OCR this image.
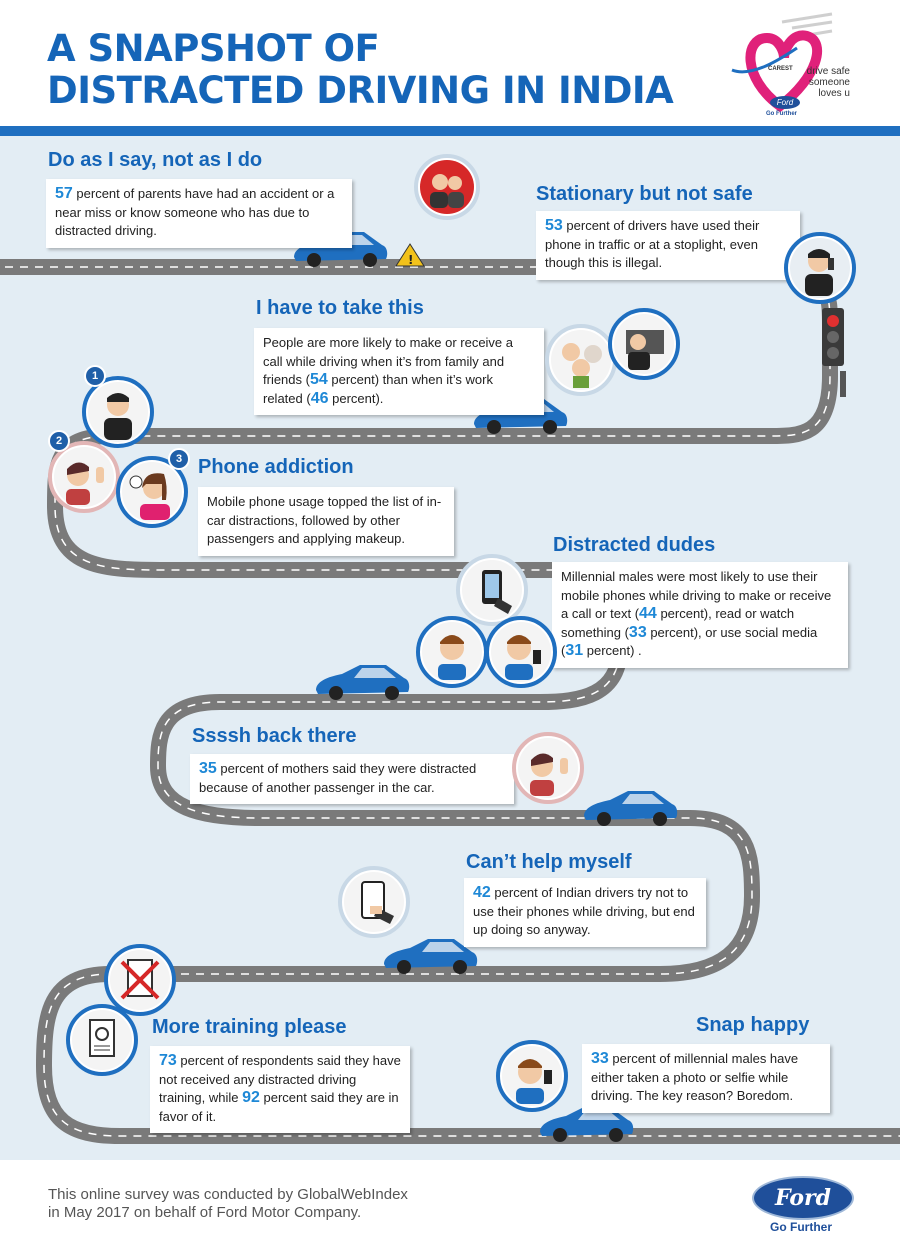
A SNAPSHOT OF
DISTRACTED DRIVING IN INDIA	drive safe
someone
loves u
CAREST
Ford
Go Further
!
Do as I say, not as I do
57 percent of parents have had an accident or a near miss or know someone who has due to distracted driving.
Stationary but not safe
53 percent of drivers have used their phone in traffic or at a stoplight, even though this is illegal.
I have to take this
People are more likely to make or receive a call while driving when it’s from family and friends (54 percent) than when it’s work related (46 percent).
Phone addiction
Mobile phone usage topped the list of in-car distractions, followed by other passengers and applying makeup.
1
2
3
Distracted dudes
Millennial males were most likely to use their mobile phones while driving to make or receive a call or text (44 percent), read or watch something (33 percent), or use social media (31 percent) .
Ssssh back there
35 percent of mothers said they were distracted because of another passenger in the car.
Can’t help myself
42 percent of Indian drivers try not to use their phones while driving, but end up doing so anyway.
More training please
73 percent of respondents said they have not received any distracted driving training, while 92 percent said they are in favor of it.
Snap happy
33 percent of millennial males have either taken a photo or selfie while driving. The key reason? Boredom.
This online survey was conducted by GlobalWebIndex
in May 2017 on behalf of Ford Motor Company.
Ford
Go Further
